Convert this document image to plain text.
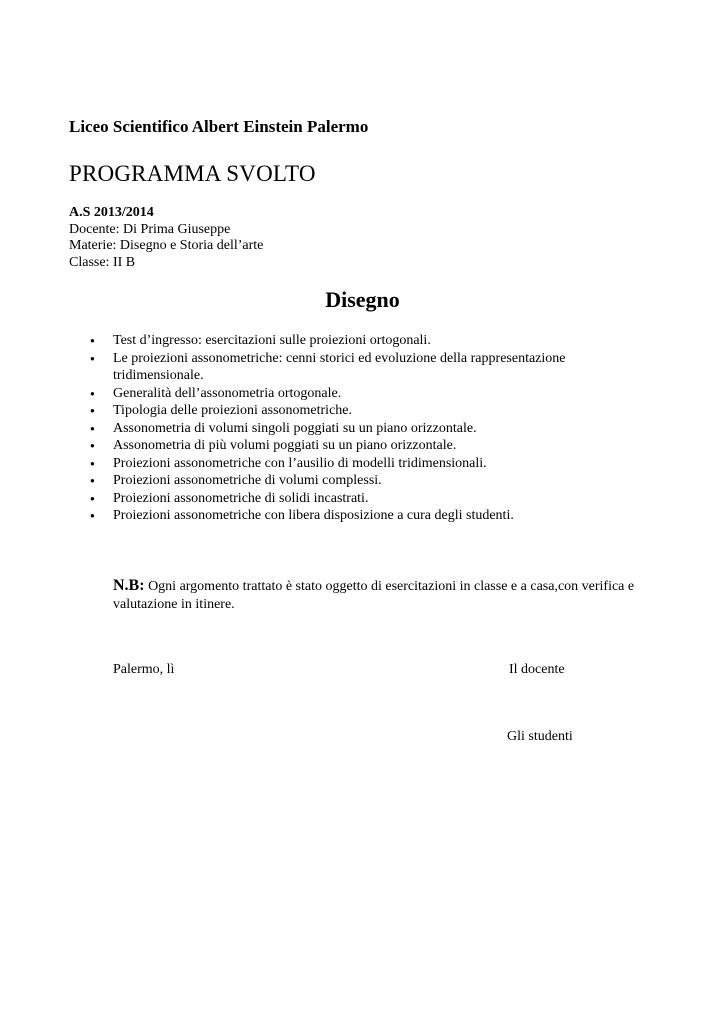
Liceo Scientifico Albert Einstein Palermo
PROGRAMMA SVOLTO
A.S 2013/2014
Docente: Di Prima Giuseppe
Materie: Disegno e Storia dell’arte
Classe: II B
Disegno
● Test d’ingresso: esercitazioni sulle proiezioni ortogonali.
● Le proiezioni assonometriche: cenni storici ed evoluzione della rappresentazione tridimensionale.
● Generalità dell’assonometria ortogonale.
● Tipologia delle proiezioni assonometriche.
● Assonometria di volumi singoli poggiati su un piano orizzontale.
● Assonometria di più volumi poggiati su un piano orizzontale.
● Proiezioni assonometriche con l’ausilio di modelli tridimensionali.
● Proiezioni assonometriche di volumi complessi.
● Proiezioni assonometriche di solidi incastrati.
● Proiezioni assonometriche con libera disposizione a cura degli studenti.
N.B: Ogni argomento trattato è stato oggetto di esercitazioni in classe e a casa,con verifica e valutazione in itinere.
Palermo, lì	Il docente
Gli studenti
